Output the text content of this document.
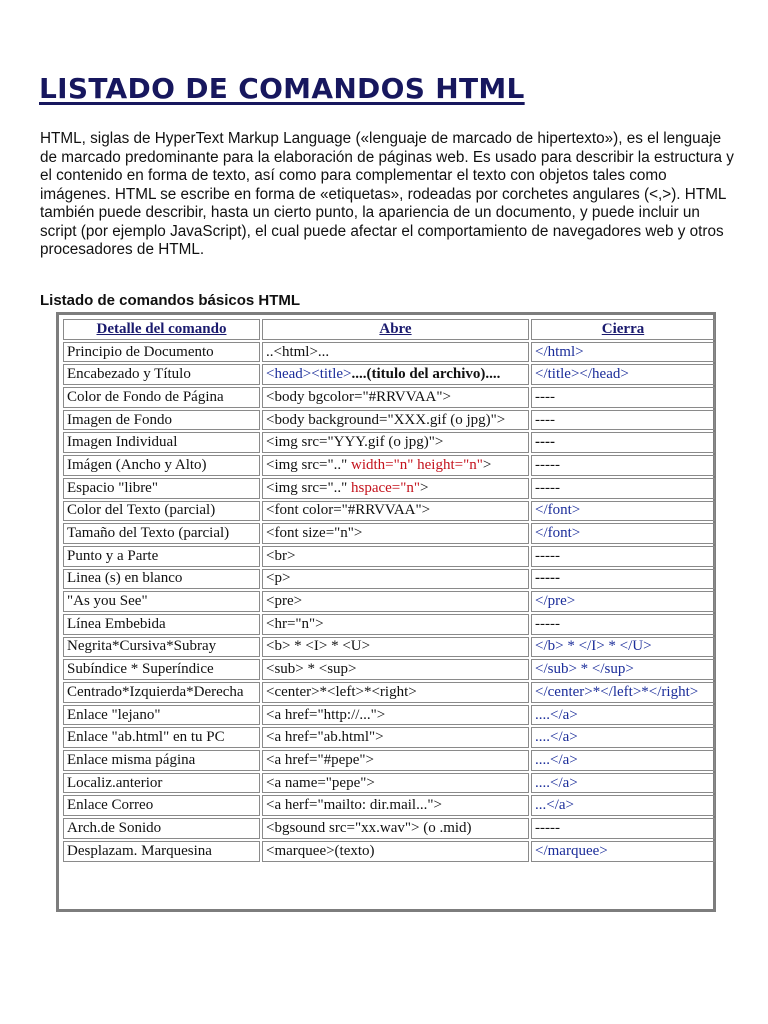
LISTADO DE COMANDOS HTML

HTML, siglas de HyperText Markup Language («lenguaje de marcado de hipertexto»), es el lenguaje de marcado predominante para la elaboración de páginas web. Es usado para describir la estructura y el contenido en forma de texto, así como para complementar el texto con objetos tales como imágenes. HTML se escribe en forma de «etiquetas», rodeadas por corchetes angulares (<,>). HTML también puede describir, hasta un cierto punto, la apariencia de un documento, y puede incluir un script (por ejemplo JavaScript), el cual puede afectar el comportamiento de navegadores web y otros procesadores de HTML.

Listado de comandos básicos HTML

Detalle del comando	Abre	Cierra
Principio de Documento	..<html>...	</html>
Encabezado y Título	<head><title>....(titulo del archivo)....	</title></head>
Color de Fondo de Página	<body bgcolor="#RRVVAA">	----
Imagen de Fondo	<body background="XXX.gif (o jpg)">	----
Imagen Individual	<img src="YYY.gif (o jpg)">	----
Imágen (Ancho y Alto)	<img src=".." width="n" height="n">	-----
Espacio "libre"	<img src=".." hspace="n">	-----
Color del Texto (parcial)	<font color="#RRVVAA">	</font>
Tamaño del Texto (parcial)	<font size="n">	</font>
Punto y a Parte	<br>	-----
Linea (s) en blanco	<p>	-----
"As you See"	<pre>	</pre>
Línea Embebida	<hr="n">	-----
Negrita*Cursiva*Subray	<b> * <I> * <U>	</b> * </I> * </U>
Subíndice * Superíndice	<sub> * <sup>	</sub> * </sup>
Centrado*Izquierda*Derecha	<center>*<left>*<right>	</center>*</left>*</right>
Enlace "lejano"	<a href="http://...">	....</a>
Enlace "ab.html" en tu PC	<a href="ab.html">	....</a>
Enlace misma página	<a href="#pepe">	....</a>
Localiz.anterior	<a name="pepe">	....</a>
Enlace Correo	<a herf="mailto: dir.mail...">	...</a>
Arch.de Sonido	<bgsound src="xx.wav"> (o .mid)	-----
Desplazam. Marquesina	<marquee>(texto)	</marquee>
